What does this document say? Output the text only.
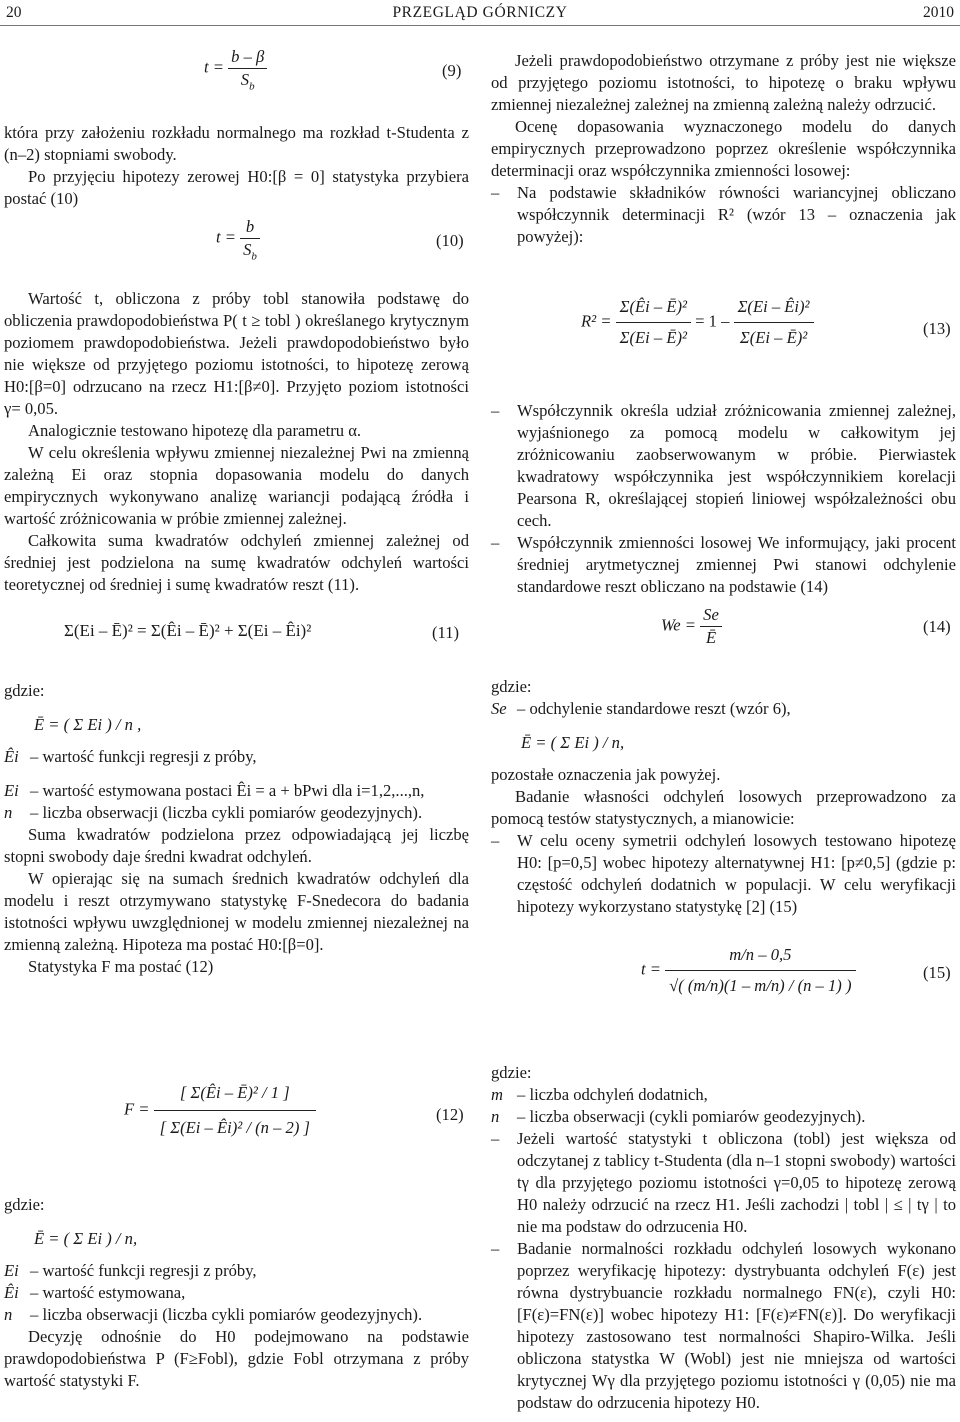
20	PRZEGLĄD GÓRNICZY	2010
$t = \frac{b - \beta}{S_b}$	(9)
która przy założeniu rozkładu normalnego ma rozkład t-Studenta z (n–2) stopniami swobody.
Po przyjęciu hipotezy zerowej H0:[β = 0] statystyka przybiera postać (10)
$t = \frac{b}{S_b}$	(10)
Wartość t, obliczona z próby tobl stanowiła podstawę do obliczenia prawdopodobieństwa P( t ≥ tobl ) określanego krytycznym poziomem prawdopodobieństwa. Jeżeli prawdopodobieństwo było nie większe od przyjętego poziomu istotności, to hipotezę zerową H0:[β=0] odrzucano na rzecz H1:[β≠0]. Przyjęto poziom istotności γ= 0,05.
Analogicznie testowano hipotezę dla parametru α.
W celu określenia wpływu zmiennej niezależnej Pwi na zmienną zależną Ei oraz stopnia dopasowania modelu do danych empirycznych wykonywano analizę wariancji podającą źródła i wartość zróżnicowania w próbie zmiennej zależnej.
Całkowita suma kwadratów odchyleń zmiennej zależnej od średniej jest podzielona na sumę kwadratów odchyleń wartości teoretycznej od średniej i sumę kwadratów reszt (11).
Σ(Ei – Ē)² = Σ(Êi – Ē)² + Σ(Ei – Êi)²	(11)
gdzie:
Ē = ( Σ Ei ) / n ,
Êi – wartość funkcji regresji z próby,
Ei – wartość estymowana postaci Êi = a + bPwi dla i=1,2,...,n,
n	– liczba obserwacji (liczba cykli pomiarów geodezyjnych).
Suma kwadratów podzielona przez odpowiadającą jej liczbę stopni swobody daje średni kwadrat odchyleń.
W opierając się na sumach średnich kwadratów odchyleń dla modelu i reszt otrzymywano statystykę F-Snedecora do badania istotności wpływu uwzględnionej w modelu zmiennej niezależnej na zmienną zależną. Hipoteza ma postać H0:[β=0].
Statystyka F ma postać (12)
$F = \frac{\text{[ Σ(Êi – Ē)² / 1 ]}}{\text{[ Σ(Ei – Êi)² / (n – 2) ]}}$	(12)
gdzie:
Ē = ( Σ Ei ) / n,
Ei – wartość funkcji regresji z próby,
Êi – wartość estymowana,
n	– liczba obserwacji (liczba cykli pomiarów geodezyjnych).
Decyzję odnośnie do H0 podejmowano na podstawie prawdopodobieństwa P (F≥Fobl), gdzie Fobl otrzymana z próby wartość statystyki F.
Jeżeli prawdopodobieństwo otrzymane z próby jest nie większe od przyjętego poziomu istotności, to hipotezę o braku wpływu zmiennej niezależnej zależnej na zmienną zależną należy odrzucić.
Ocenę dopasowania wyznaczonego modelu do danych empirycznych przeprowadzono poprzez określenie współczynnika determinacji oraz współczynnika zmienności losowej:
–	Na podstawie składników równości wariancyjnej obliczano współczynnik determinacji R² (wzór 13 – oznaczenia jak powyżej):
$R^2 = \frac{\text{Σ(Êi – Ē)²}}{\text{Σ(Ei – Ē)²}} = 1 - \frac{\text{Σ(Ei – Êi)²}}{\text{Σ(Ei – Ē)²}}$	(13)
–	Współczynnik określa udział zróżnicowania zmiennej zależnej, wyjaśnionego za pomocą modelu w całkowitym jej zróżnicowaniu zaobserwowanym w próbie. Pierwiastek kwadratowy współczynnika jest współczynnikiem korelacji Pearsona R, określającej stopień liniowej współzależności obu cech.
–	Współczynnik zmienności losowej We informujący, jaki procent średniej arytmetycznej zmiennej Pwi stanowi odchylenie standardowe reszt obliczano na podstawie (14)
$We = \frac{Se}{Ē}$	(14)
gdzie:
Se – odchylenie standardowe reszt (wzór 6),
Ē = ( Σ Ei ) / n,
pozostałe oznaczenia jak powyżej.
Badanie własności odchyleń losowych przeprowadzono za pomocą testów statystycznych, a mianowicie:
–	W celu oceny symetrii odchyleń losowych testowano hipotezę H0: [p=0,5] wobec hipotezy alternatywnej H1: [p≠0,5] (gdzie p: częstość odchyleń dodatnich w populacji. W celu weryfikacji hipotezy wykorzystano statystykę [2] (15)
$t = \frac{m/n - 0,5}{√( (m/n)(1 - m/n) / (n - 1) )}$	(15)
gdzie:
m – liczba odchyleń dodatnich,
n	– liczba obserwacji (cykli pomiarów geodezyjnych).
–	Jeżeli wartość statystyki t obliczona (tobl) jest większa od odczytanej z tablicy t-Studenta (dla n–1 stopni swobody) wartości tγ dla przyjętego poziomu istotności γ=0,05 to hipotezę zerową H0 należy odrzucić na rzecz H1. Jeśli zachodzi | tobl | ≤ | tγ | to nie ma podstaw do odrzucenia H0.
–	Badanie normalności rozkładu odchyleń losowych wykonano poprzez weryfikację hipotezy: dystrybuanta odchyleń F(ε) jest równa dystrybuancie rozkładu normalnego FN(ε), czyli H0: [F(ε)=FN(ε)] wobec hipotezy H1: [F(ε)≠FN(ε)]. Do weryfikacji hipotezy zastosowano test normalności Shapiro-Wilka. Jeśli obliczona statystka W (Wobl) jest nie mniejsza od wartości krytycznej Wγ dla przyjętego poziomu istotności γ (0,05) nie ma podstaw do odrzucenia hipotezy H0.
